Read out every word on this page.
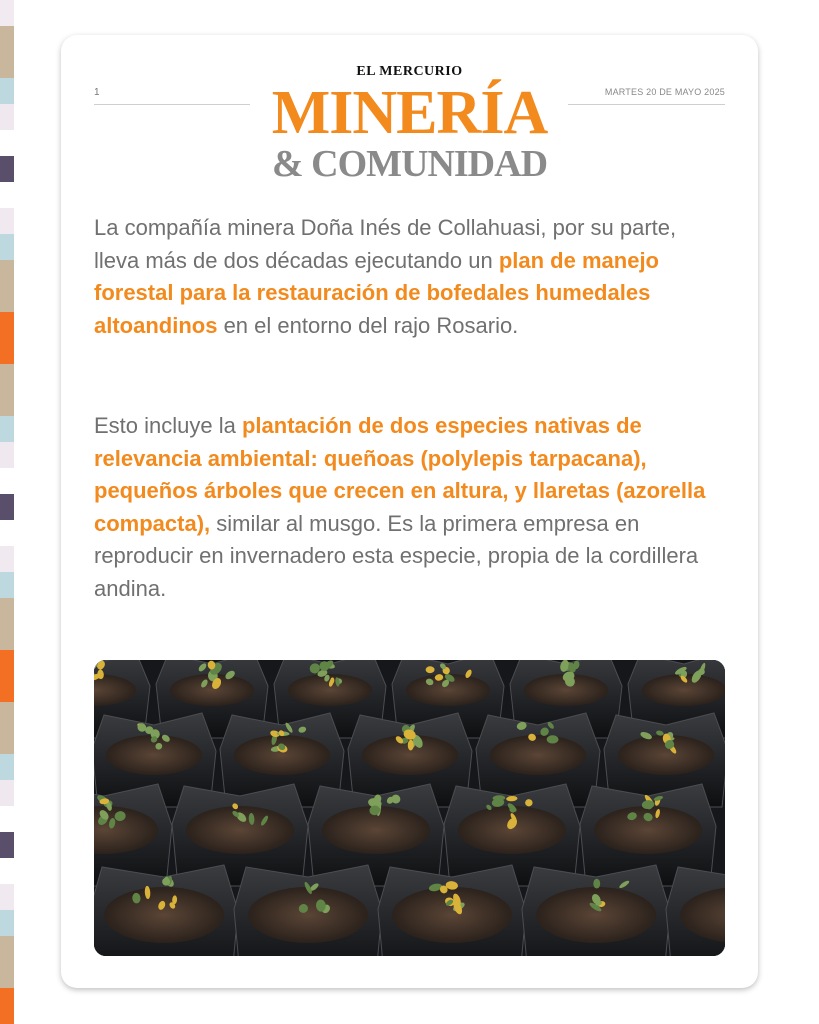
1	MARTES 20 DE MAYO 2025
EL MERCURIO
MINERÍA
& COMUNIDAD

La compañía minera Doña Inés de Collahuasi, por su parte, lleva más de dos décadas ejecutando un plan de manejo forestal para la restauración de bofedales humedales altoandinos en el entorno del rajo Rosario.

Esto incluye la plantación de dos especies nativas de relevancia ambiental: queñoas (polylepis tarpacana), pequeños árboles que crecen en altura, y llaretas (azorella compacta), similar al musgo. Es la primera empresa en reproducir en invernadero esta especie, propia de la cordillera andina.
